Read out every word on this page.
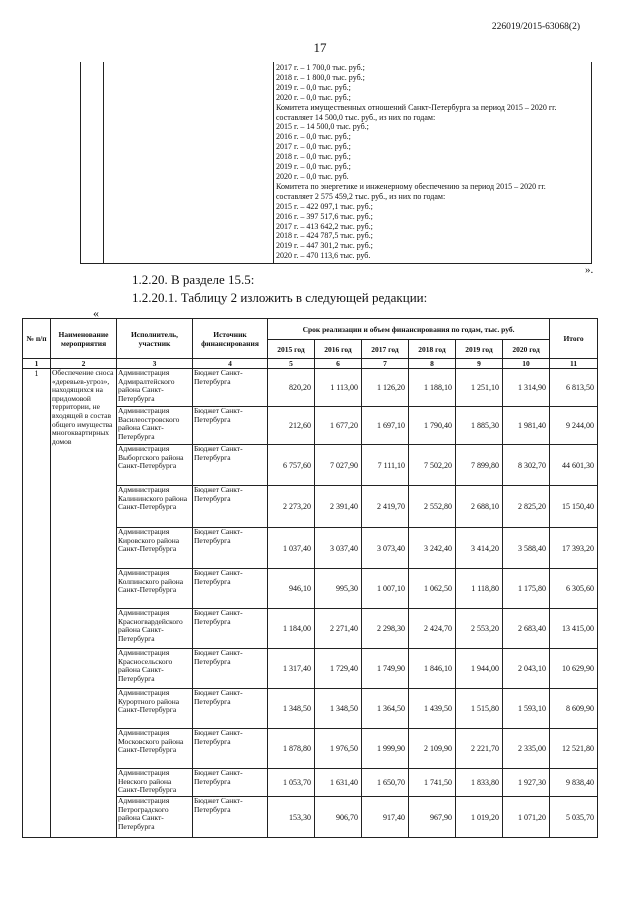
226019/2015-63068(2)
17
2017 г. – 1 700,0 тыс. руб.;
2018 г. – 1 800,0 тыс. руб.;
2019 г. – 0,0 тыс. руб.;
2020 г. – 0,0 тыс. руб.;
Комитета имущественных отношений Санкт-Петербурга за период 2015 – 2020 гг.
составляет 14 500,0 тыс. руб., из них по годам:
2015 г. – 14 500,0 тыс. руб.;
2016 г. – 0,0 тыс. руб.;
2017 г. – 0,0 тыс. руб.;
2018 г. – 0,0 тыс. руб.;
2019 г. – 0,0 тыс. руб.;
2020 г. – 0,0 тыс. руб.
Комитета по энергетике и инженерному обеспечению за период 2015 – 2020 гг.
составляет 2 575 459,2 тыс. руб., из них по годам:
2015 г. – 422 097,1 тыс. руб.;
2016 г. – 397 517,6 тыс. руб.;
2017 г. – 413 642,2 тыс. руб.;
2018 г. – 424 787,5 тыс. руб.;
2019 г. – 447 301,2 тыс. руб.;
2020 г. – 470 113,6 тыс. руб.
».
1.2.20. В разделе 15.5:
1.2.20.1. Таблицу 2 изложить в следующей редакции:
«
№ п/п	Наименование мероприятия	Исполнитель, участник	Источник финансирования	Срок реализации и объем финансирования по годам, тыс. руб.						Итого
				2015 год	2016 год	2017 год	2018 год	2019 год	2020 год	
1	2	3	4	5	6	7	8	9	10	11
1	Обеспечение сноса «деревьев-угроз», находящихся на придомовой территории, не входящей в состав общего имущества многоквартирных домов	Администрация Адмиралтейского района Санкт-Петербурга	Бюджет Санкт-Петербурга	820,20	1 113,00	1 126,20	1 188,10	1 251,10	1 314,90	6 813,50
		Администрация Василеостровского района Санкт-Петербурга	Бюджет Санкт-Петербурга	212,60	1 677,20	1 697,10	1 790,40	1 885,30	1 981,40	9 244,00
		Администрация Выборгского района Санкт-Петербурга	Бюджет Санкт-Петербурга	6 757,60	7 027,90	7 111,10	7 502,20	7 899,80	8 302,70	44 601,30
		Администрация Калининского района Санкт-Петербурга	Бюджет Санкт-Петербурга	2 273,20	2 391,40	2 419,70	2 552,80	2 688,10	2 825,20	15 150,40
		Администрация Кировского района Санкт-Петербурга	Бюджет Санкт-Петербурга	1 037,40	3 037,40	3 073,40	3 242,40	3 414,20	3 588,40	17 393,20
		Администрация Колпинского района Санкт-Петербурга	Бюджет Санкт-Петербурга	946,10	995,30	1 007,10	1 062,50	1 118,80	1 175,80	6 305,60
		Администрация Красногвардейского района Санкт-Петербурга	Бюджет Санкт-Петербурга	1 184,00	2 271,40	2 298,30	2 424,70	2 553,20	2 683,40	13 415,00
		Администрация Красносельского района Санкт-Петербурга	Бюджет Санкт-Петербурга	1 317,40	1 729,40	1 749,90	1 846,10	1 944,00	2 043,10	10 629,90
		Администрация Курортного района Санкт-Петербурга	Бюджет Санкт-Петербурга	1 348,50	1 348,50	1 364,50	1 439,50	1 515,80	1 593,10	8 609,90
		Администрация Московского района Санкт-Петербурга	Бюджет Санкт-Петербурга	1 878,80	1 976,50	1 999,90	2 109,90	2 221,70	2 335,00	12 521,80
		Администрация Невского района Санкт-Петербурга	Бюджет Санкт-Петербурга	1 053,70	1 631,40	1 650,70	1 741,50	1 833,80	1 927,30	9 838,40
		Администрация Петроградского района Санкт-Петербурга	Бюджет Санкт-Петербурга	153,30	906,70	917,40	967,90	1 019,20	1 071,20	5 035,70
